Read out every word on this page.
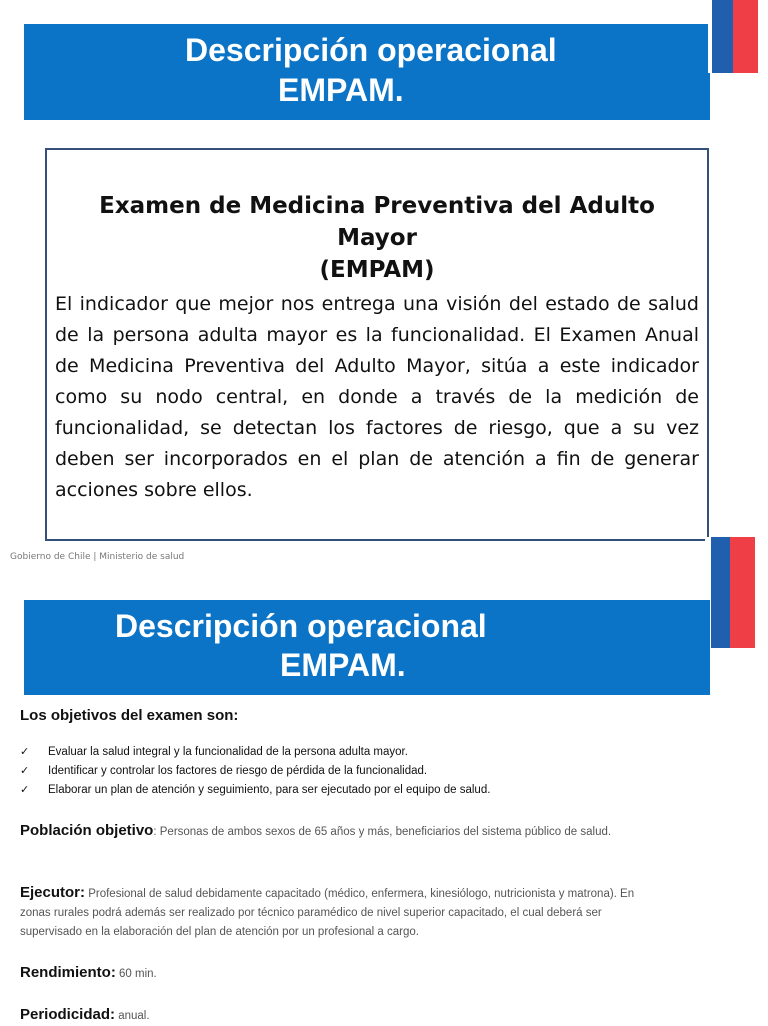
Descripción operacional
EMPAM.
Examen de Medicina Preventiva del Adulto Mayor
(EMPAM)

El indicador que mejor nos entrega una visión del estado de salud de la persona adulta mayor es la funcionalidad. El Examen Anual de Medicina Preventiva del Adulto Mayor, sitúa a este indicador como su nodo central, en donde a través de la medición de funcionalidad, se detectan los factores de riesgo, que a su vez deben ser incorporados en el plan de atención a fin de generar acciones sobre ellos.

Gobierno de Chile | Ministerio de salud
Descripción operacional
EMPAM.
Los objetivos del examen son:
✓ Evaluar la salud integral y la funcionalidad de la persona adulta mayor.
✓ Identificar y controlar los factores de riesgo de pérdida de la funcionalidad.
✓ Elaborar un plan de atención y seguimiento, para ser ejecutado por el equipo de salud.
Población objetivo: Personas de ambos sexos de 65 años y más, beneficiarios del sistema público de salud.
Ejecutor: Profesional de salud debidamente capacitado (médico, enfermera, kinesiólogo, nutricionista y matrona). En zonas rurales podrá además ser realizado por técnico paramédico de nivel superior capacitado, el cual deberá ser supervisado en la elaboración del plan de atención por un profesional a cargo.
Rendimiento: 60 min.
Periodicidad: anual.
